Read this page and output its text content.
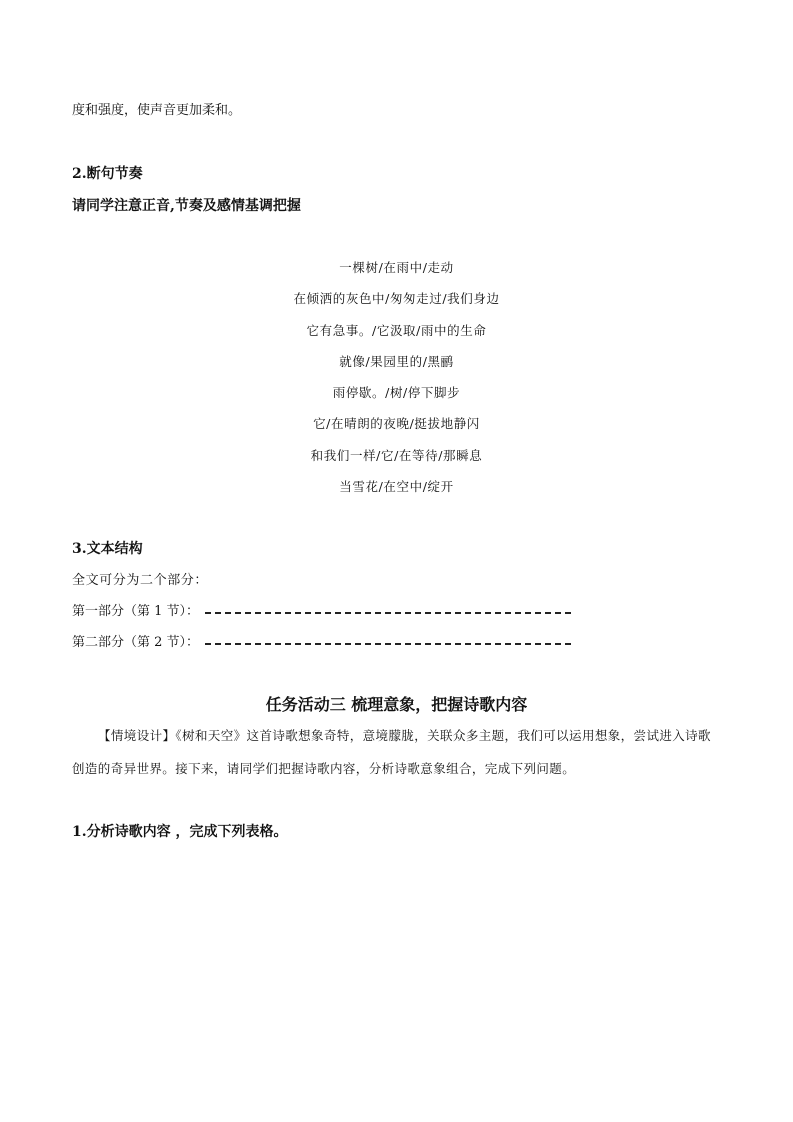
度和强度，使声音更加柔和。
2.断句节奏
请同学注意正音,节奏及感情基调把握
一棵树/在雨中/走动
在倾洒的灰色中/匆匆走过/我们身边
它有急事。/它汲取/雨中的生命
就像/果园里的/黑鹂
雨停歇。/树/停下脚步
它/在晴朗的夜晚/挺拔地静闪
和我们一样/它/在等待/那瞬息
当雪花/在空中/绽开
3.文本结构
全文可分为二个部分：
第一部分（第 1 节）：
第二部分（第 2 节）：
任务活动三 梳理意象，把握诗歌内容
【情境设计】《树和天空》这首诗歌想象奇特，意境朦胧，关联众多主题，我们可以运用想象，尝试进入诗歌创造的奇异世界。接下来，请同学们把握诗歌内容，分析诗歌意象组合，完成下列问题。
1.分析诗歌内容 ，完成下列表格。
